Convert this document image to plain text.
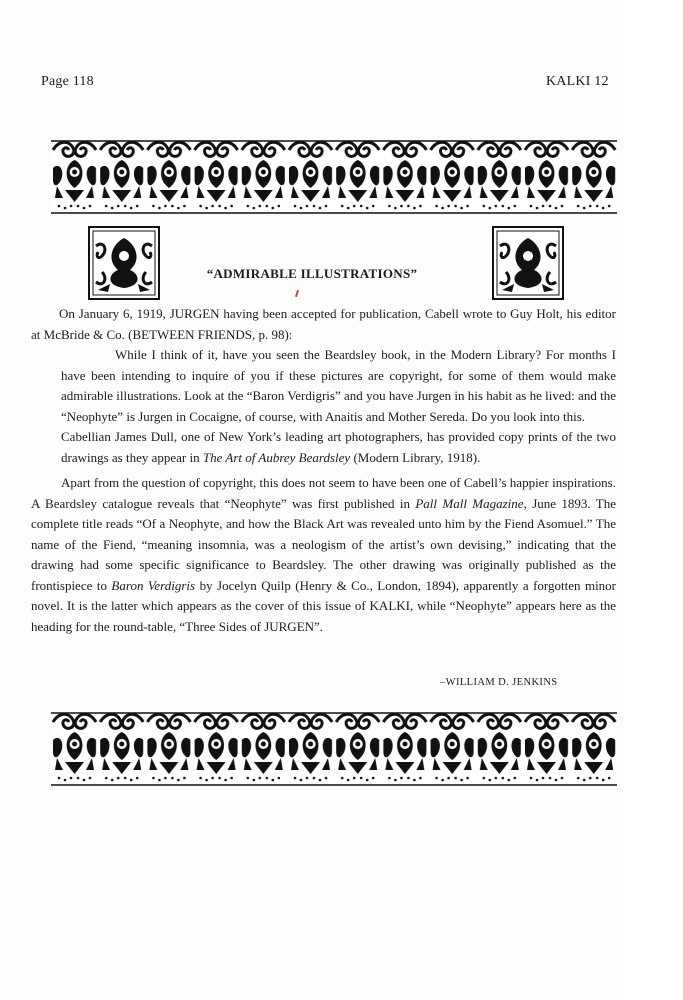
Page 118	KALKI 12
“ADMIRABLE ILLUSTRATIONS”

On January 6, 1919, JURGEN having been accepted for publication, Cabell wrote to Guy Holt, his editor at McBride & Co. (BETWEEN FRIENDS, p. 98):

While I think of it, have you seen the Beardsley book, in the Modern Library? For months I have been intending to inquire of you if these pictures are copyright, for some of them would make admirable illustrations. Look at the “Baron Verdigris” and you have Jurgen in his habit as he lived: and the “Neophyte” is Jurgen in Cocaigne, of course, with Anaitis and Mother Sereda. Do you look into this.

Cabellian James Dull, one of New York’s leading art photographers, has provided copy prints of the two drawings as they appear in The Art of Aubrey Beardsley (Modern Library, 1918).

Apart from the question of copyright, this does not seem to have been one of Cabell’s happier inspirations. A Beardsley catalogue reveals that “Neophyte” was first published in Pall Mall Magazine, June 1893. The complete title reads “Of a Neophyte, and how the Black Art was revealed unto him by the Fiend Asomuel.” The name of the Fiend, “meaning insomnia, was a neologism of the artist’s own devising,” indicating that the drawing had some specific significance to Beardsley. The other drawing was originally published as the frontispiece to Baron Verdigris by Jocelyn Quilp (Henry & Co., London, 1894), apparently a forgotten minor novel. It is the latter which appears as the cover of this issue of KALKI, while “Neophyte” appears here as the heading for the round-table, “Three Sides of JURGEN”.

–WILLIAM D. JENKINS
